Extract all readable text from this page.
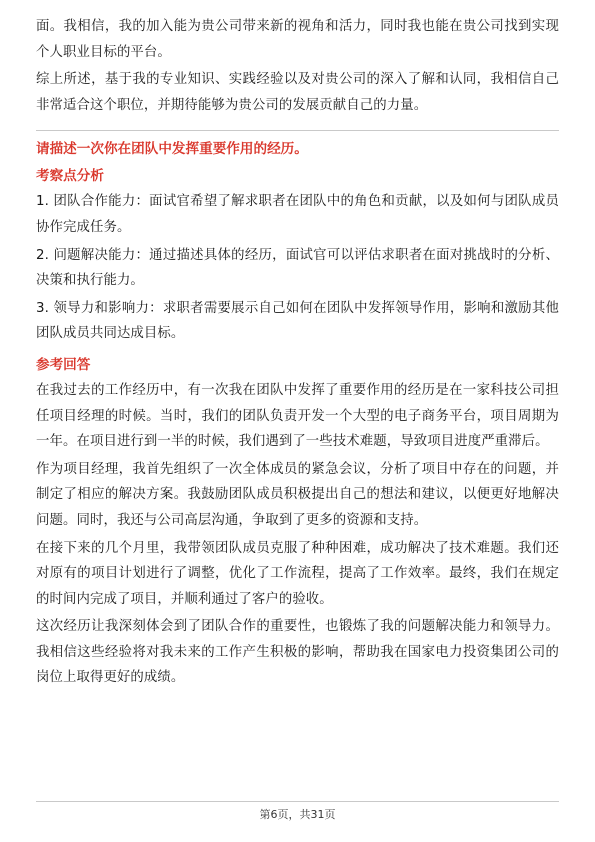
面。我相信，我的加入能为贵公司带来新的视角和活力，同时我也能在贵公司找到实现个人职业目标的平台。

综上所述，基于我的专业知识、实践经验以及对贵公司的深入了解和认同，我相信自己非常适合这个职位，并期待能够为贵公司的发展贡献自己的力量。

请描述一次你在团队中发挥重要作用的经历。
考察点分析

1. 团队合作能力：面试官希望了解求职者在团队中的角色和贡献，以及如何与团队成员协作完成任务。

2. 问题解决能力：通过描述具体的经历，面试官可以评估求职者在面对挑战时的分析、决策和执行能力。

3. 领导力和影响力：求职者需要展示自己如何在团队中发挥领导作用，影响和激励其他团队成员共同达成目标。

参考回答

在我过去的工作经历中，有一次我在团队中发挥了重要作用的经历是在一家科技公司担任项目经理的时候。当时，我们的团队负责开发一个大型的电子商务平台，项目周期为一年。在项目进行到一半的时候，我们遇到了一些技术难题，导致项目进度严重滞后。

作为项目经理，我首先组织了一次全体成员的紧急会议，分析了项目中存在的问题，并制定了相应的解决方案。我鼓励团队成员积极提出自己的想法和建议，以便更好地解决问题。同时，我还与公司高层沟通，争取到了更多的资源和支持。

在接下来的几个月里，我带领团队成员克服了种种困难，成功解决了技术难题。我们还对原有的项目计划进行了调整，优化了工作流程，提高了工作效率。最终，我们在规定的时间内完成了项目，并顺利通过了客户的验收。

这次经历让我深刻体会到了团队合作的重要性，也锻炼了我的问题解决能力和领导力。我相信这些经验将对我未来的工作产生积极的影响，帮助我在国家电力投资集团公司的岗位上取得更好的成绩。

第6页，共31页
